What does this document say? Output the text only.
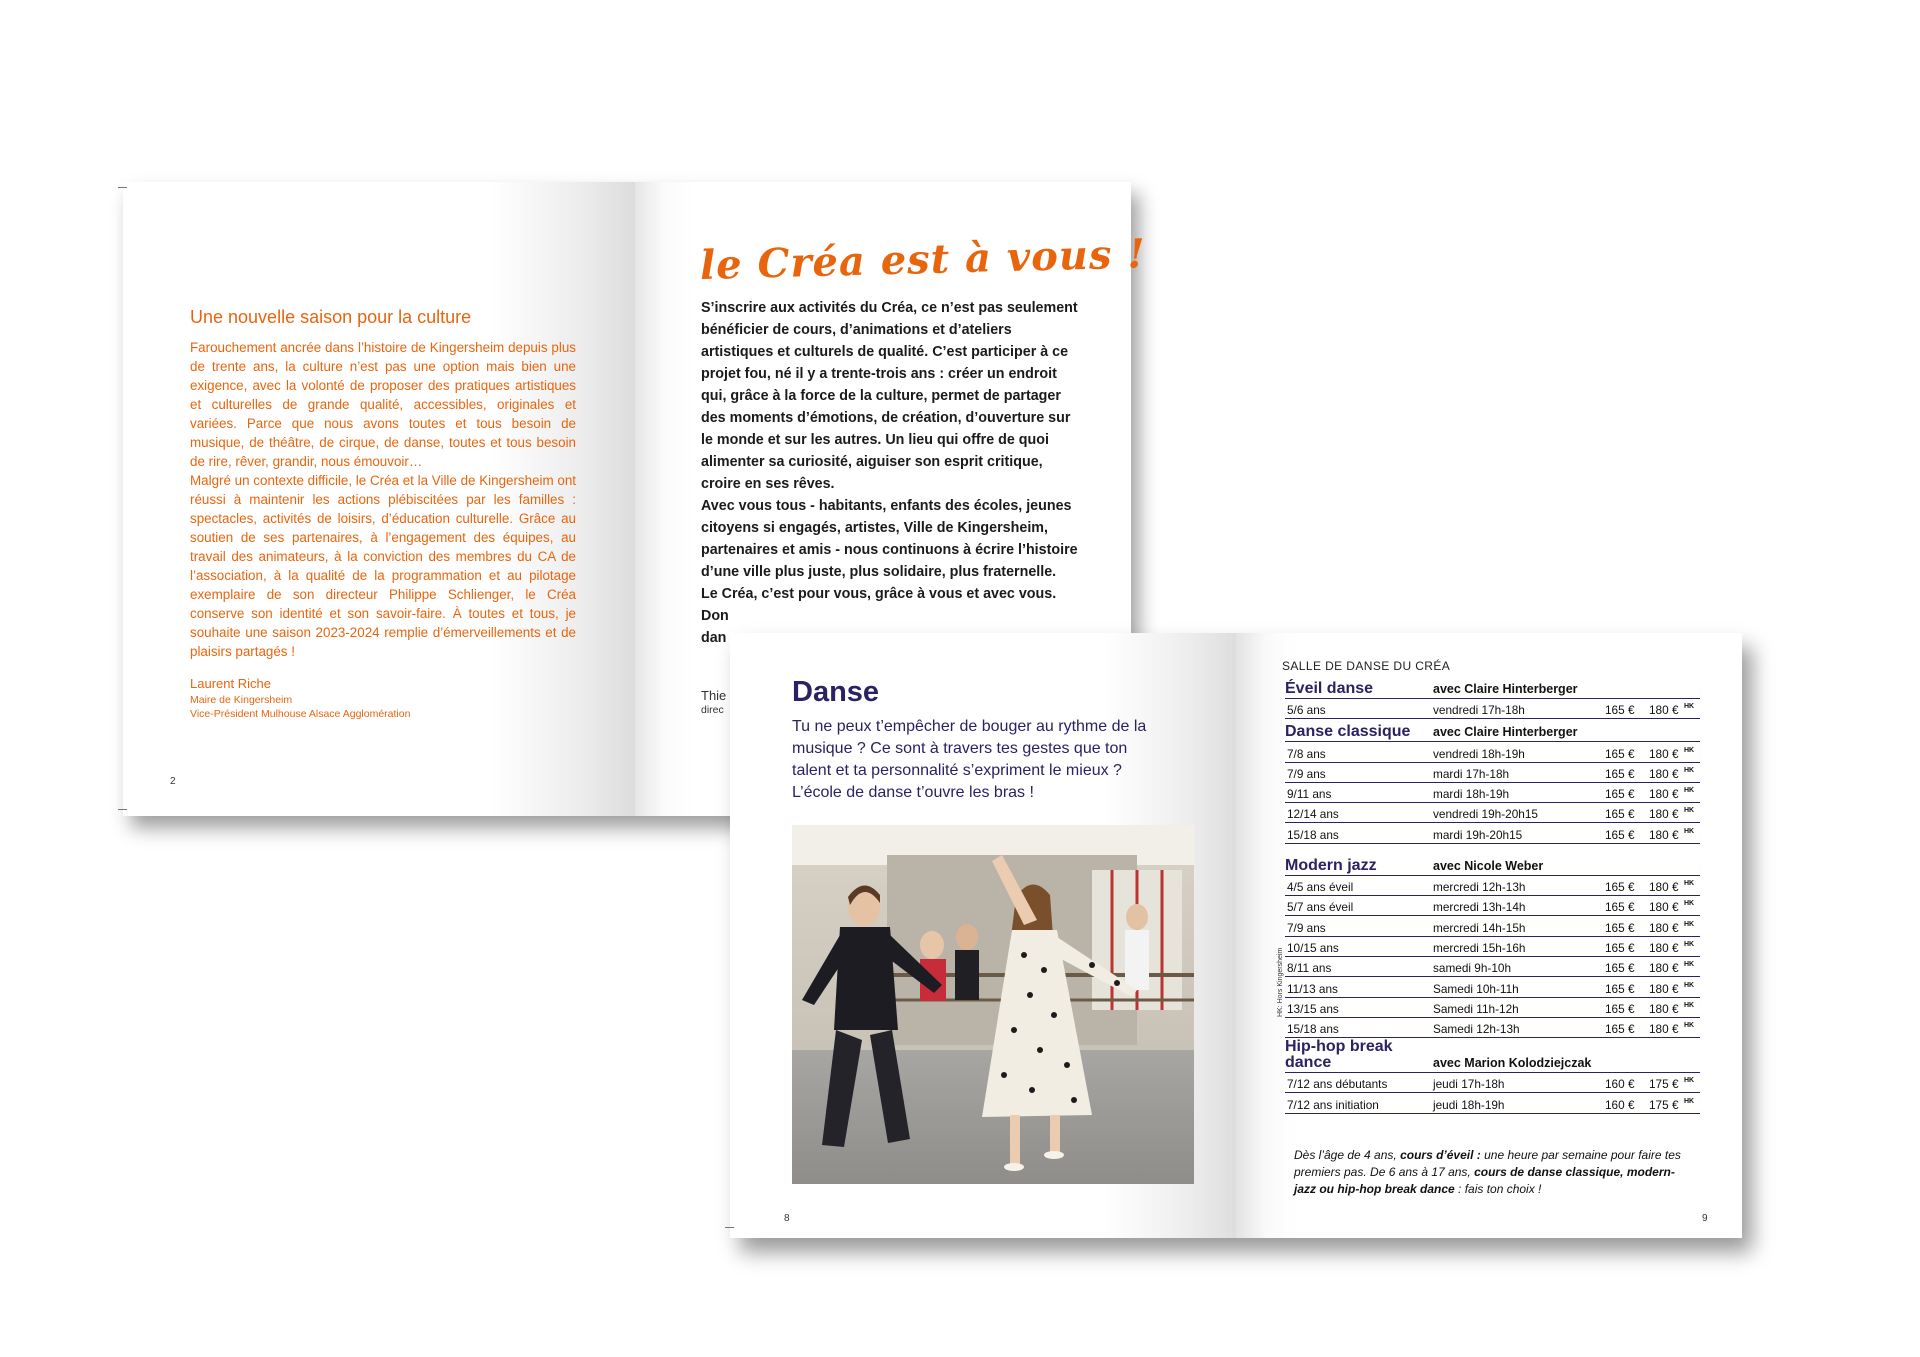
Une nouvelle saison pour la culture

Farouchement ancrée dans l’histoire de Kingersheim depuis plus de trente ans, la culture n’est pas une option mais bien une exigence, avec la volonté de proposer des pratiques artistiques et culturelles de grande qualité, accessibles, originales et variées. Parce que nous avons toutes et tous besoin de musique, de théâtre, de cirque, de danse, toutes et tous besoin de rire, rêver, grandir, nous émouvoir…

Malgré un contexte difficile, le Créa et la Ville de Kingersheim ont réussi à maintenir les actions plébiscitées par les familles : spectacles, activités de loisirs, d’éducation culturelle. Grâce au soutien de ses partenaires, à l’engagement des équipes, au travail des animateurs, à la conviction des membres du CA de l’association, à la qualité de la programmation et au pilotage exemplaire de son directeur Philippe Schlienger, le Créa conserve son identité et son savoir-faire. À toutes et tous, je souhaite une saison 2023-2024 remplie d’émerveillements et de plaisirs partagés !

Laurent Riche
Maire de Kingersheim
Vice-Président Mulhouse Alsace Agglomération
2
le Créa est à vous !

S’inscrire aux activités du Créa, ce n’est pas seulement bénéficier de cours, d’animations et d’ateliers artistiques et culturels de qualité. C’est participer à ce projet fou, né il y a trente-trois ans : créer un endroit qui, grâce à la force de la culture, permet de partager des moments d’émotions, de création, d’ouverture sur le monde et sur les autres. Un lieu qui offre de quoi alimenter sa curiosité, aiguiser son esprit critique, croire en ses rêves.

Avec vous tous - habitants, enfants des écoles, jeunes citoyens si engagés, artistes, Ville de Kingersheim, partenaires et amis - nous continuons à écrire l’histoire d’une ville plus juste, plus solidaire, plus fraternelle.

Le Créa, c’est pour vous, grâce à vous et avec vous.

Don

dan

Thie
direc
Danse
Tu ne peux t’empêcher de bouger au rythme de la musique ? Ce sont à travers tes gestes que ton talent et ta personnalité s’expriment le mieux ? L’école de danse t’ouvre les bras !
8
SALLE DE DANSE DU CRÉA
Éveil danse	avec Claire Hinterberger
5/6 ans	vendredi 17h-18h	165 € 180 € HK
Danse classique	avec Claire Hinterberger
7/8 ans	vendredi 18h-19h	165 € 180 € HK
7/9 ans	mardi 17h-18h	165 € 180 € HK
9/11 ans	mardi 18h-19h	165 € 180 € HK
12/14 ans	vendredi 19h-20h15	165 € 180 € HK
15/18 ans	mardi 19h-20h15	165 € 180 € HK
Modern jazz	avec Nicole Weber
4/5 ans éveil	mercredi 12h-13h	165 € 180 € HK
5/7 ans éveil	mercredi 13h-14h	165 € 180 € HK
7/9 ans	mercredi 14h-15h	165 € 180 € HK
10/15 ans	mercredi 15h-16h	165 € 180 € HK
8/11 ans	samedi 9h-10h	165 € 180 € HK
11/13 ans	Samedi 10h-11h	165 € 180 € HK
13/15 ans	Samedi 11h-12h	165 € 180 € HK
15/18 ans	Samedi 12h-13h	165 € 180 € HK
Hip-hop break dance	avec Marion Kolodziejczak
7/12 ans débutants	jeudi 17h-18h	160 € 175 € HK
7/12 ans initiation	jeudi 18h-19h	160 € 175 € HK
HK: Hors Kingersheim
Dès l’âge de 4 ans, cours d’éveil : une heure par semaine pour faire tes premiers pas. De 6 ans à 17 ans, cours de danse classique, modern-jazz ou hip-hop break dance : fais ton choix !
9
